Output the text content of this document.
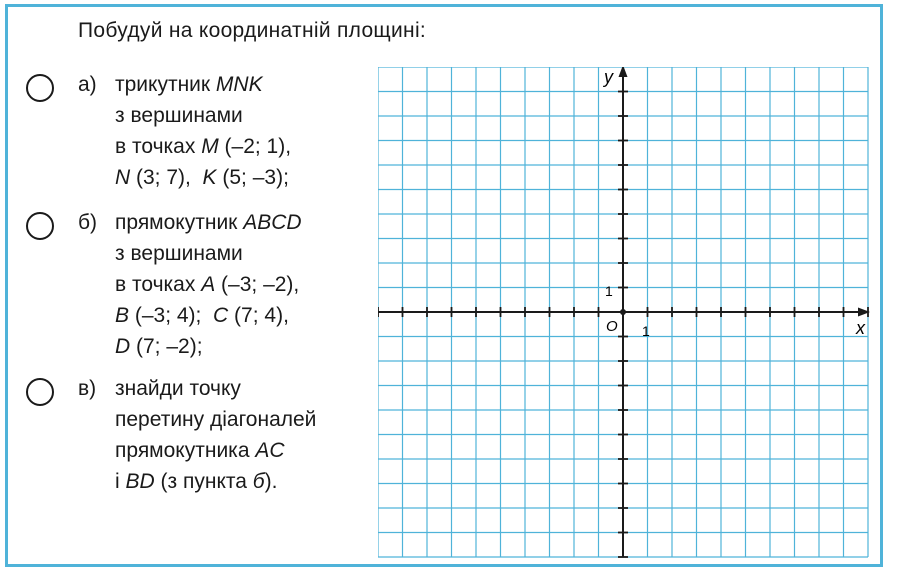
Побудуй на координатній площині:
а) трикутник MNK
з вершинами
в точках M (–2; 1),
N (3; 7),  K (5; –3);
б) прямокутник ABCD
з вершинами
в точках A (–3; –2),
B (–3; 4);  C (7; 4),
D (7; –2);
в) знайди точку
перетину діагоналей
прямокутника AC
і BD (з пункта б).
y
x
O 1
1
